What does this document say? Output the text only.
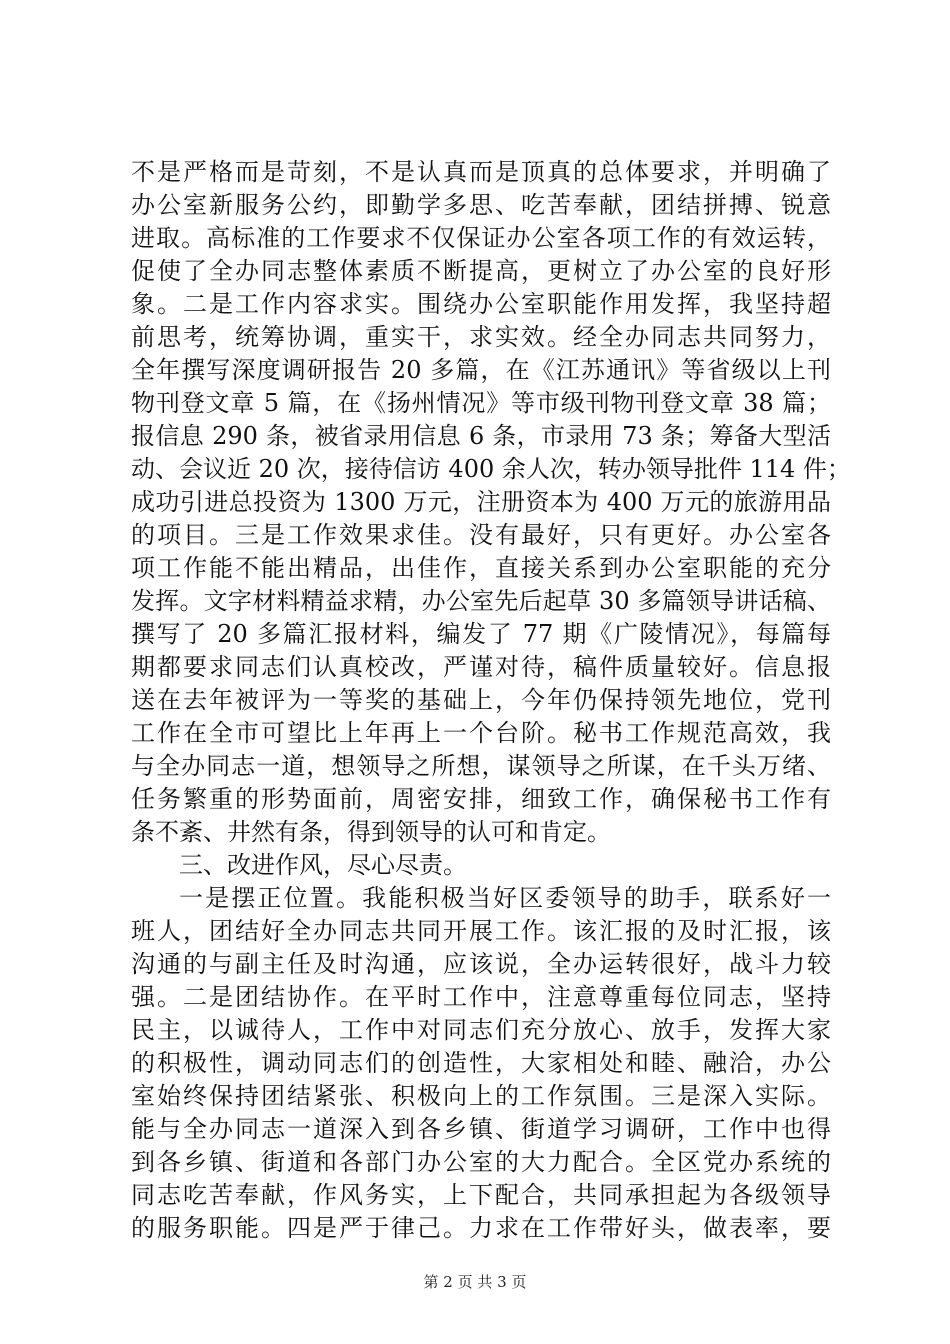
不是严格而是苛刻，不是认真而是顶真的总体要求，并明确了
办公室新服务公约，即勤学多思、吃苦奉献，团结拼搏、锐意
进取。高标准的工作要求不仅保证办公室各项工作的有效运转，
促使了全办同志整体素质不断提高，更树立了办公室的良好形
象。二是工作内容求实。围绕办公室职能作用发挥，我坚持超
前思考，统筹协调，重实干，求实效。经全办同志共同努力，
全年撰写深度调研报告 20 多篇，在《江苏通讯》等省级以上刊
物刊登文章 5 篇，在《扬州情况》等市级刊物刊登文章 38 篇；
报信息 290 条，被省录用信息 6 条，市录用 73 条；筹备大型活
动、会议近 20 次，接待信访 400 余人次，转办领导批件 114 件；
成功引进总投资为 1300 万元，注册资本为 400 万元的旅游用品
的项目。三是工作效果求佳。没有最好，只有更好。办公室各
项工作能不能出精品，出佳作，直接关系到办公室职能的充分
发挥。文字材料精益求精，办公室先后起草 30 多篇领导讲话稿、
撰写了 20 多篇汇报材料，编发了 77 期《广陵情况》，每篇每
期都要求同志们认真校改，严谨对待，稿件质量较好。信息报
送在去年被评为一等奖的基础上，今年仍保持领先地位，党刊
工作在全市可望比上年再上一个台阶。秘书工作规范高效，我
与全办同志一道，想领导之所想，谋领导之所谋，在千头万绪、
任务繁重的形势面前，周密安排，细致工作，确保秘书工作有
条不紊、井然有条，得到领导的认可和肯定。
三、改进作风，尽心尽责。
一是摆正位置。我能积极当好区委领导的助手，联系好一
班人，团结好全办同志共同开展工作。该汇报的及时汇报，该
沟通的与副主任及时沟通，应该说，全办运转很好，战斗力较
强。二是团结协作。在平时工作中，注意尊重每位同志，坚持
民主，以诚待人，工作中对同志们充分放心、放手，发挥大家
的积极性，调动同志们的创造性，大家相处和睦、融洽，办公
室始终保持团结紧张、积极向上的工作氛围。三是深入实际。
能与全办同志一道深入到各乡镇、街道学习调研，工作中也得
到各乡镇、街道和各部门办公室的大力配合。全区党办系统的
同志吃苦奉献，作风务实，上下配合，共同承担起为各级领导
的服务职能。四是严于律己。力求在工作带好头，做表率，要
第 2 页 共 3 页
